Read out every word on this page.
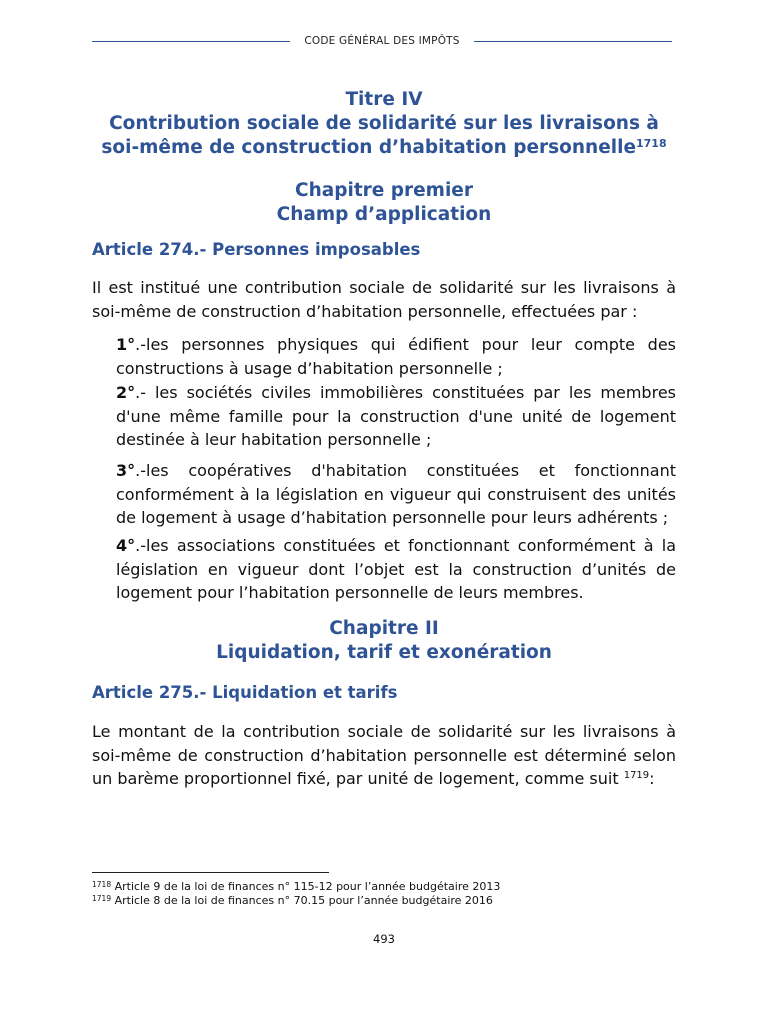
CODE GÉNÉRAL DES IMPÔTS
Titre IV
Contribution sociale de solidarité sur les livraisons à
soi-même de construction d’habitation personnelle$^{1718}$
Chapitre premier
Champ d’application
Article 274.- Personnes imposables
Il est institué une contribution sociale de solidarité sur les livraisons à soi-même de construction d’habitation personnelle, effectuées par :
1°.-les personnes physiques qui édifient pour leur compte des constructions à usage d’habitation personnelle ;
2°.- les sociétés civiles immobilières constituées par les membres d'une même famille pour la construction d'une unité de logement destinée à leur habitation personnelle ;
3°.-les coopératives d'habitation constituées et fonctionnant conformément à la législation en vigueur qui construisent des unités de logement à usage d’habitation personnelle pour leurs adhérents ;
4°.-les associations constituées et fonctionnant conformément à la législation en vigueur dont l’objet est la construction d’unités de logement pour l’habitation personnelle de leurs membres.
Chapitre II
Liquidation, tarif et exonération
Article 275.- Liquidation et tarifs
Le montant de la contribution sociale de solidarité sur les livraisons à soi-même de construction d’habitation personnelle est déterminé selon un barème proportionnel fixé, par unité de logement, comme suit $^{1719}$:
$^{1718}$ Article 9 de la loi de finances n° 115-12 pour l’année budgétaire 2013
$^{1719}$ Article 8 de la loi de finances n° 70.15 pour l’année budgétaire 2016
493
